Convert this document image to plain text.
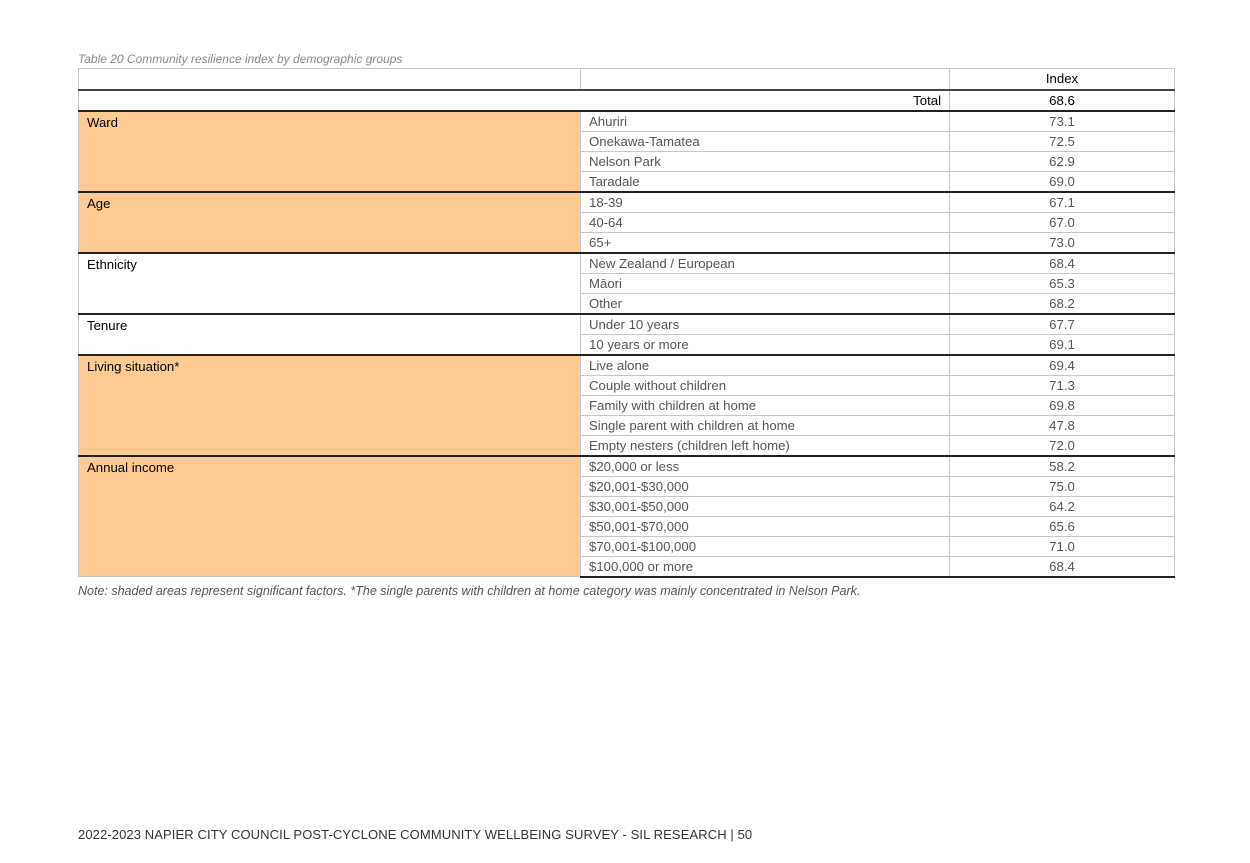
Table 20 Community resilience index by demographic groups
		Index
Total		68.6
Ward	Ahuriri	73.1
	Onekawa-Tamatea	72.5
	Nelson Park	62.9
	Taradale	69.0
Age	18-39	67.1
	40-64	67.0
	65+	73.0
Ethnicity	New Zealand / European	68.4
	Māori	65.3
	Other	68.2
Tenure	Under 10 years	67.7
	10 years or more	69.1
Living situation*	Live alone	69.4
	Couple without children	71.3
	Family with children at home	69.8
	Single parent with children at home	47.8
	Empty nesters (children left home)	72.0
Annual income	$20,000 or less	58.2
	$20,001-$30,000	75.0
	$30,001-$50,000	64.2
	$50,001-$70,000	65.6
	$70,001-$100,000	71.0
	$100,000 or more	68.4
Note: shaded areas represent significant factors. *The single parents with children at home category was mainly concentrated in Nelson Park.
2022-2023 NAPIER CITY COUNCIL POST-CYCLONE COMMUNITY WELLBEING SURVEY - SIL RESEARCH | 50
